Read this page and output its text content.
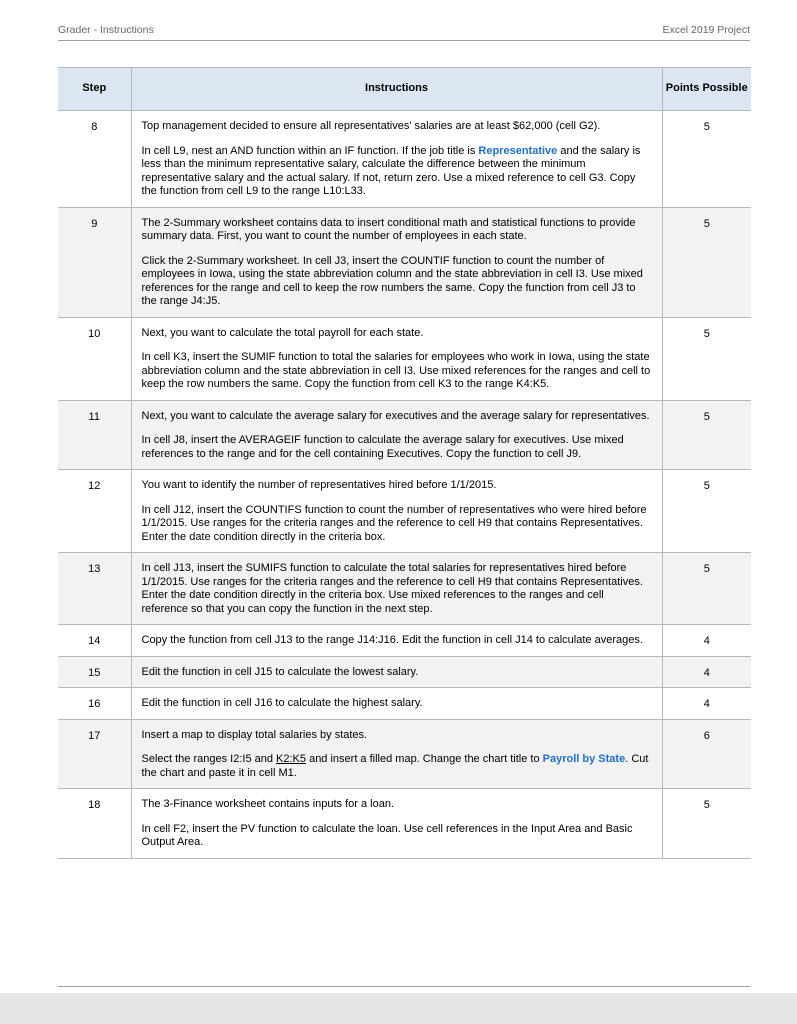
Grader - Instructions	Excel 2019 Project
Step	Instructions	Points Possible
8	Top management decided to ensure all representatives' salaries are at least $62,000 (cell G2).

In cell L9, nest an AND function within an IF function. If the job title is Representative and the salary is less than the minimum representative salary, calculate the difference between the minimum representative salary and the actual salary. If not, return zero. Use a mixed reference to cell G3. Copy the function from cell L9 to the range L10:L33.	5
9	The 2-Summary worksheet contains data to insert conditional math and statistical functions to provide summary data. First, you want to count the number of employees in each state.

Click the 2-Summary worksheet. In cell J3, insert the COUNTIF function to count the number of employees in Iowa, using the state abbreviation column and the state abbreviation in cell I3. Use mixed references for the range and cell to keep the row numbers the same. Copy the function from cell J3 to the range J4:J5.	5
10	Next, you want to calculate the total payroll for each state.

In cell K3, insert the SUMIF function to total the salaries for employees who work in Iowa, using the state abbreviation column and the state abbreviation in cell I3. Use mixed references for the ranges and cell to keep the row numbers the same. Copy the function from cell K3 to the range K4:K5.	5
11	Next, you want to calculate the average salary for executives and the average salary for representatives.

In cell J8, insert the AVERAGEIF function to calculate the average salary for executives. Use mixed references to the range and for the cell containing Executives. Copy the function to cell J9.	5
12	You want to identify the number of representatives hired before 1/1/2015.

In cell J12, insert the COUNTIFS function to count the number of representatives who were hired before 1/1/2015. Use ranges for the criteria ranges and the reference to cell H9 that contains Representatives. Enter the date condition directly in the criteria box.	5
13	In cell J13, insert the SUMIFS function to calculate the total salaries for representatives hired before 1/1/2015. Use ranges for the criteria ranges and the reference to cell H9 that contains Representatives. Enter the date condition directly in the criteria box. Use mixed references to the ranges and cell reference so that you can copy the function in the next step.	5
14	Copy the function from cell J13 to the range J14:J16. Edit the function in cell J14 to calculate averages.	4
15	Edit the function in cell J15 to calculate the lowest salary.	4
16	Edit the function in cell J16 to calculate the highest salary.	4
17	Insert a map to display total salaries by states.

Select the ranges I2:I5 and K2:K5 and insert a filled map. Change the chart title to Payroll by State. Cut the chart and paste it in cell M1.	6
18	The 3-Finance worksheet contains inputs for a loan.

In cell F2, insert the PV function to calculate the loan. Use cell references in the Input Area and Basic Output Area.	5
